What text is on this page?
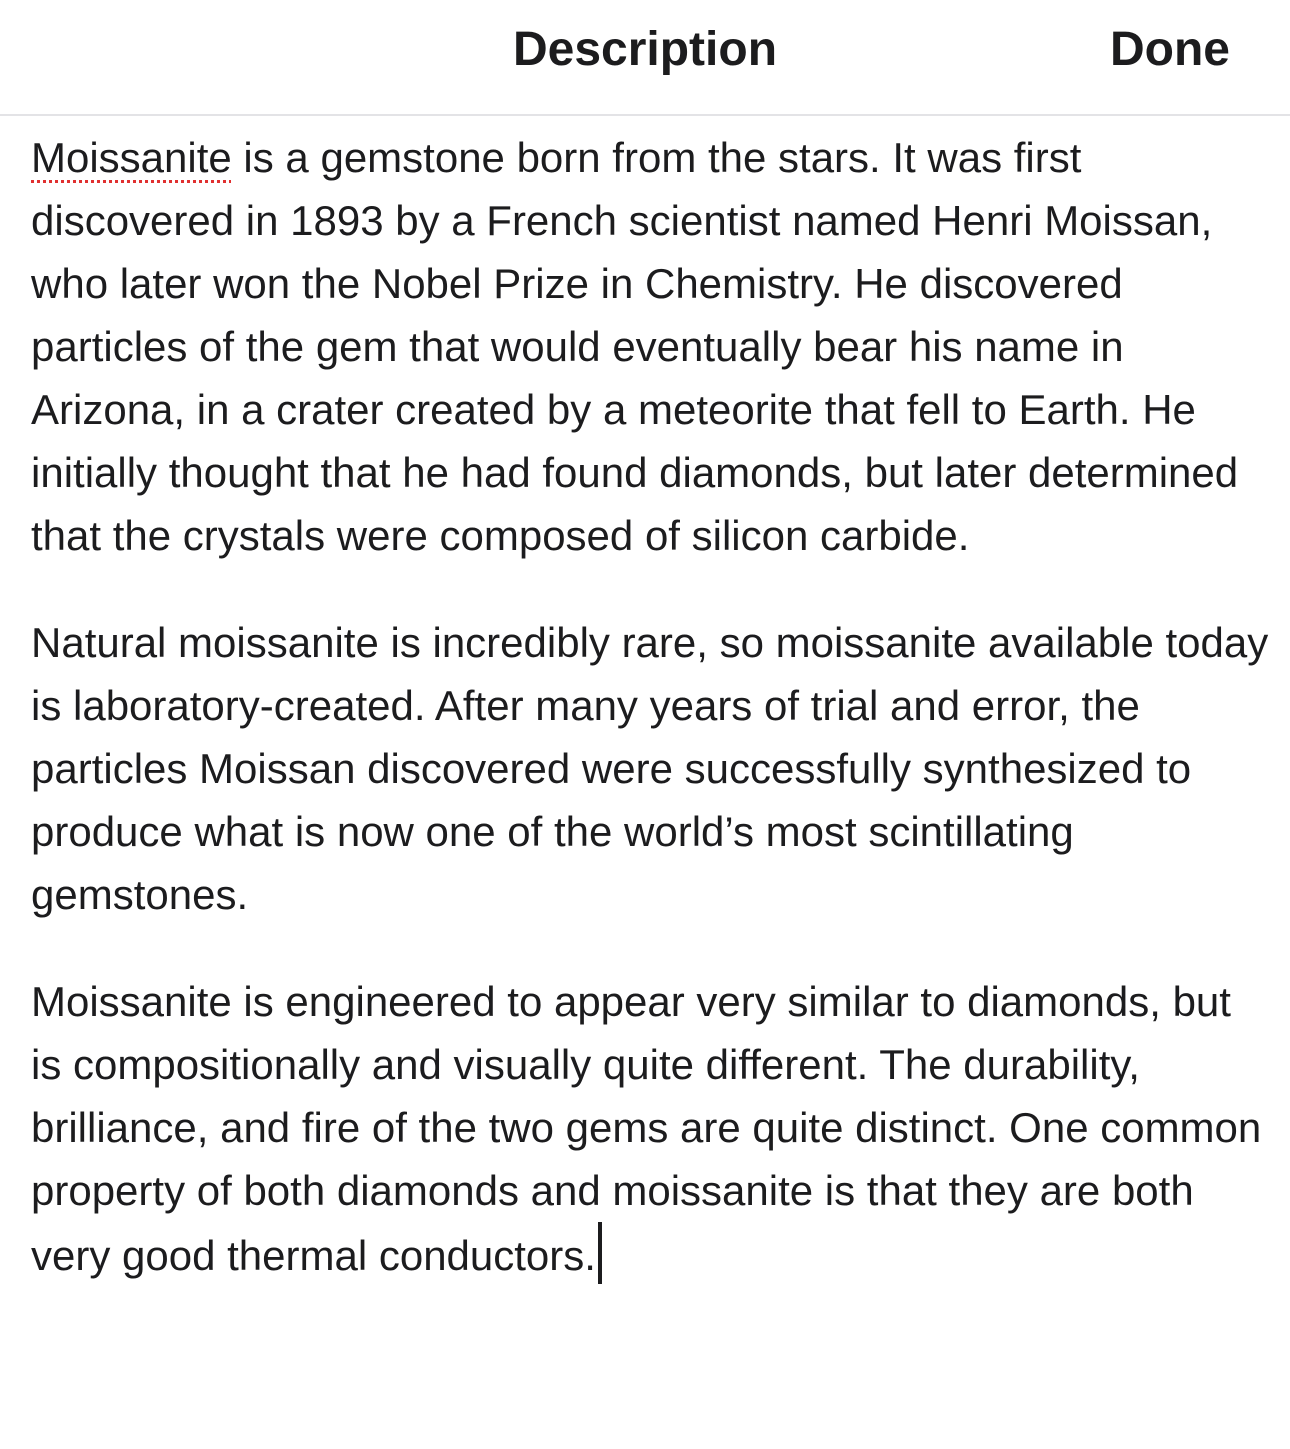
Description	Done

Moissanite is a gemstone born from the stars. It was first discovered in 1893 by a French scientist named Henri Moissan, who later won the Nobel Prize in Chemistry. He discovered particles of the gem that would eventually bear his name in Arizona, in a crater created by a meteorite that fell to Earth. He initially thought that he had found diamonds, but later determined that the crystals were composed of silicon carbide.

Natural moissanite is incredibly rare, so moissanite available today is laboratory-created. After many years of trial and error, the particles Moissan discovered were successfully synthesized to produce what is now one of the world’s most scintillating gemstones.

Moissanite is engineered to appear very similar to diamonds, but is compositionally and visually quite different. The durability, brilliance, and fire of the two gems are quite distinct. One common property of both diamonds and moissanite is that they are both very good thermal conductors.
